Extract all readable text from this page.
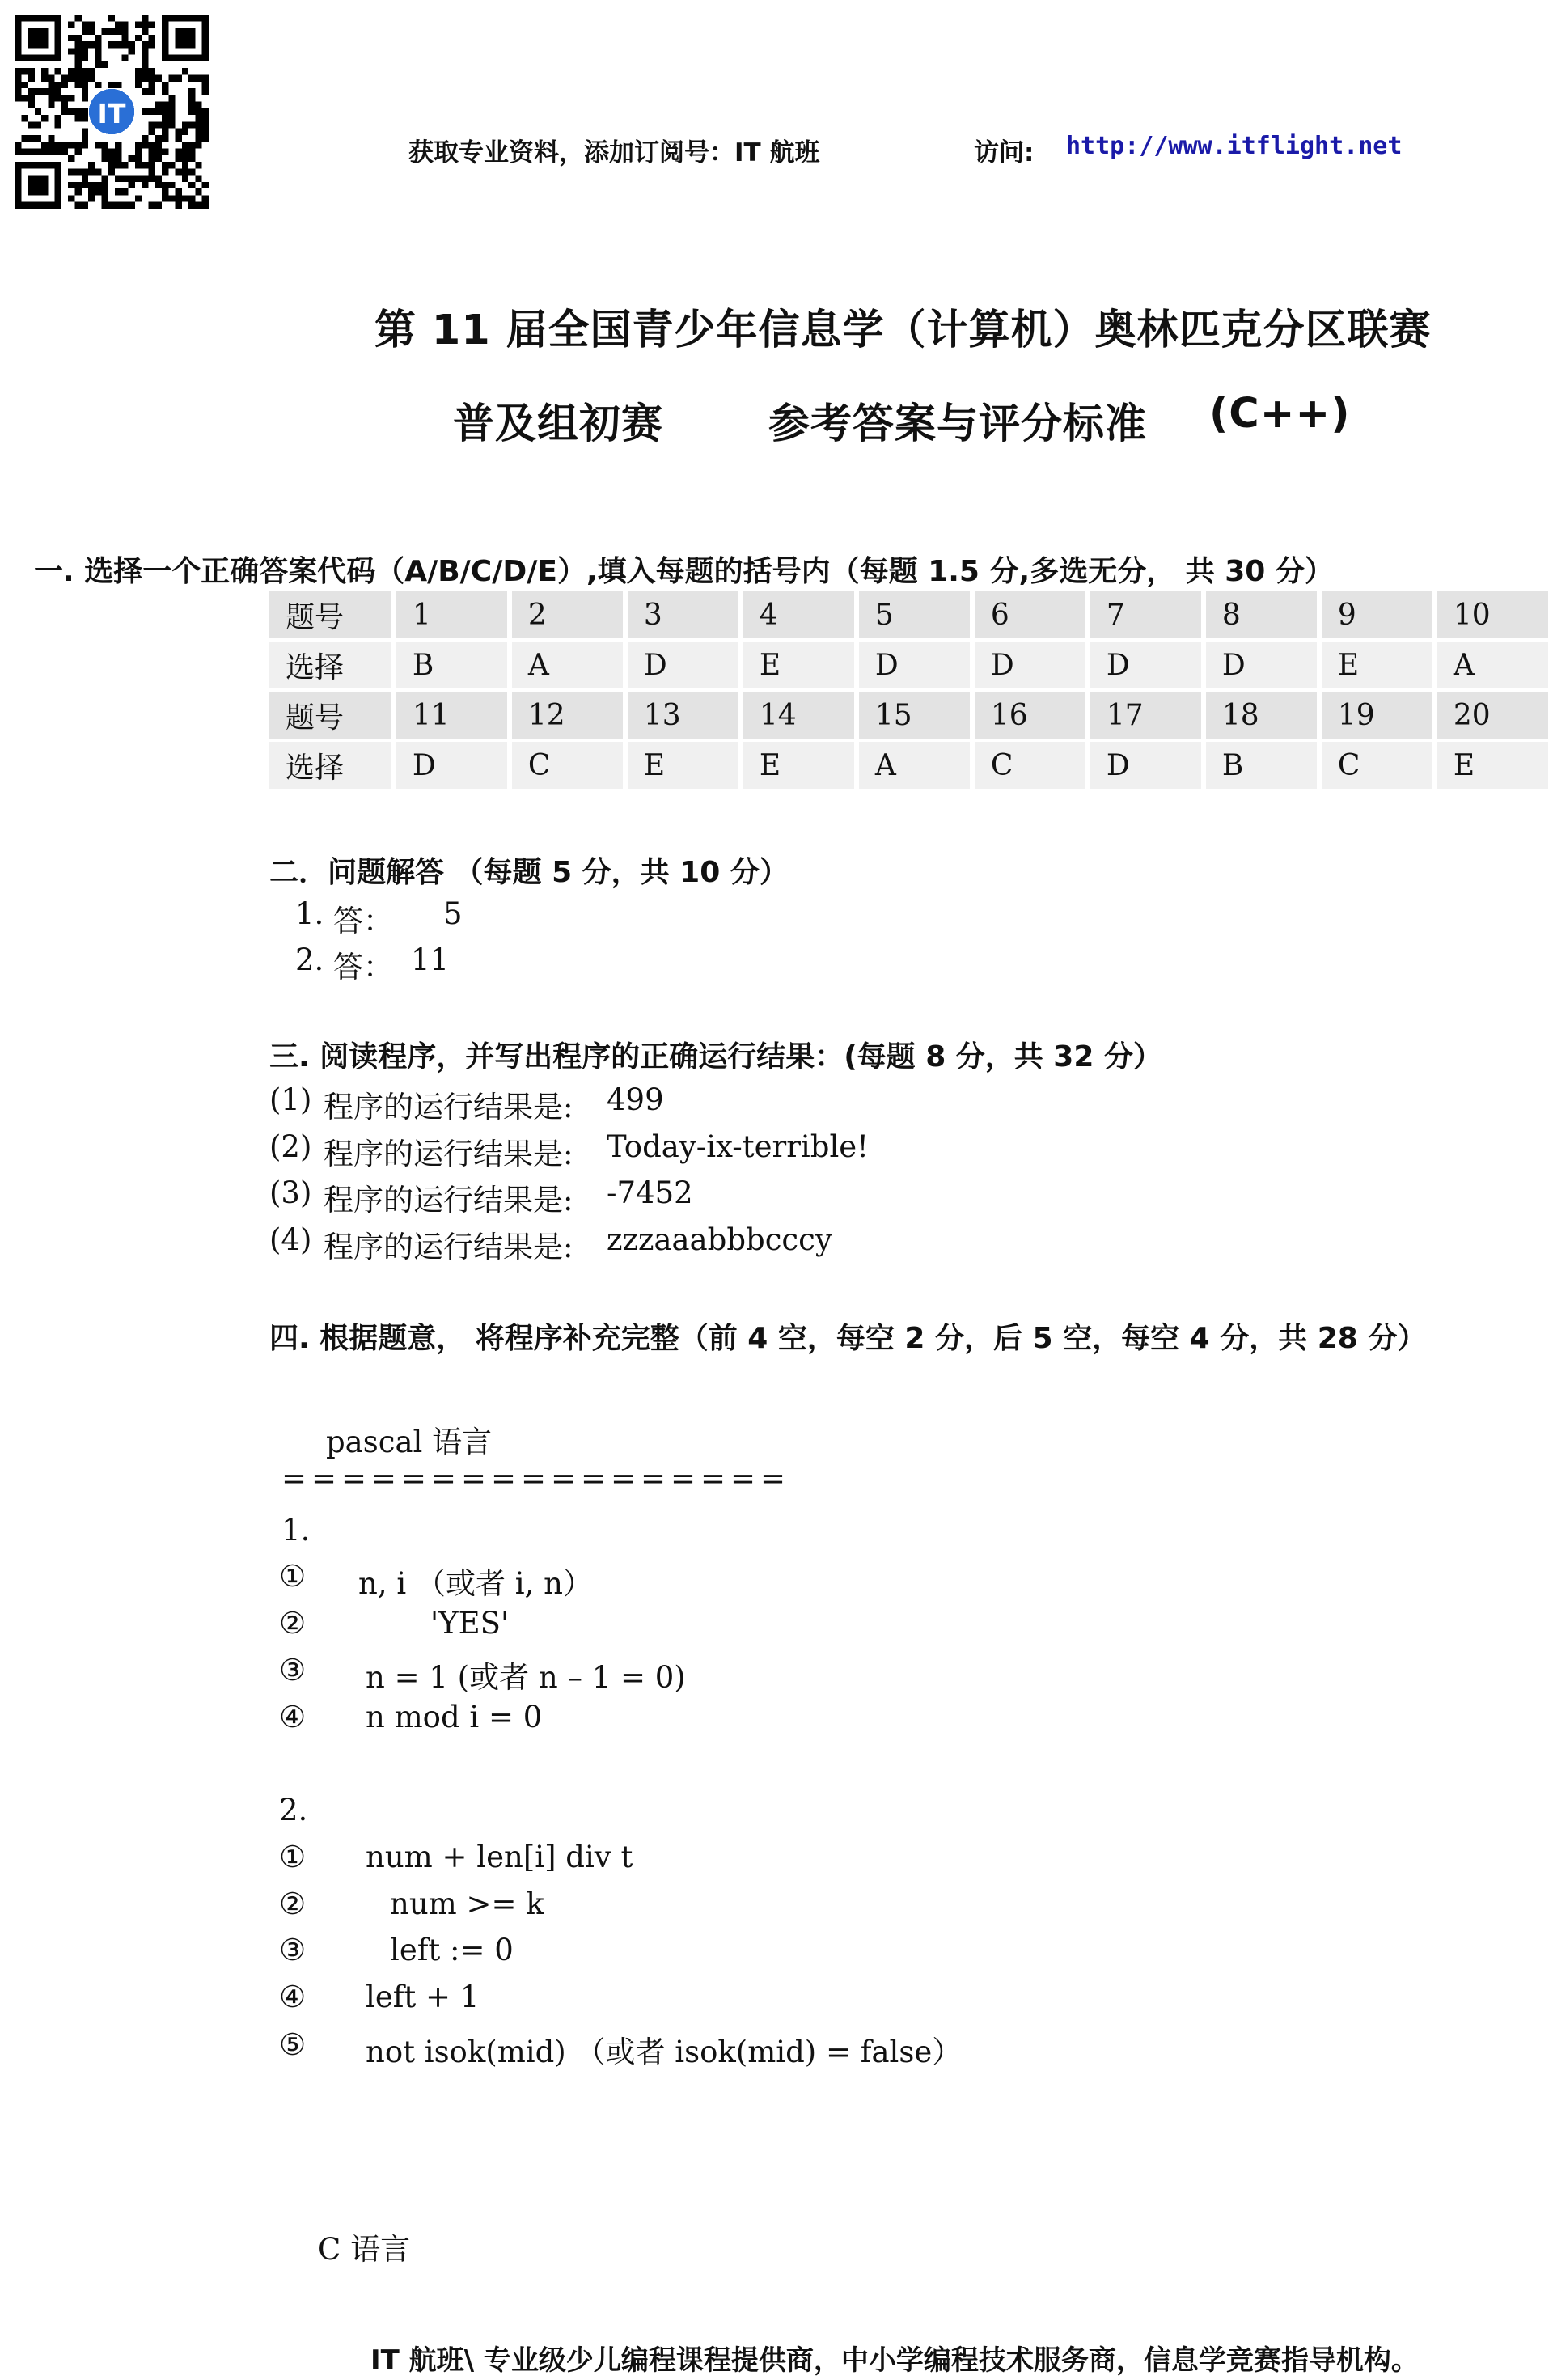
IT
获取专业资料，添加订阅号：IT 航班	访问: http://www.itflight.net
第 11 届全国青少年信息学（计算机）奥林匹克分区联赛
普及组初赛	参考答案与评分标准 (C++)
一. 选择一个正确答案代码（A/B/C/D/E）,填入每题的括号内（每题 1.5 分,多选无分， 共 30 分）
题号	1	2	3	4	5	6	7	8	9	10
选择	B	A	D	E	D	D	D	D	E	A
题号	11	12	13	14	15	16	17	18	19	20
选择	D	C	E	E	A	C	D	B	C	E
二．问题解答 （每题 5 分，共 10 分）
1. 答： 5
2. 答： 11
三. 阅读程序，并写出程序的正确运行结果：(每题 8 分，共 32 分）
(1) 程序的运行结果是: 499
(2) 程序的运行结果是: Today-ix-terrible!
(3) 程序的运行结果是: -7452
(4) 程序的运行结果是: zzzaaabbbcccy
四. 根据题意， 将程序补充完整（前 4 空，每空 2 分，后 5 空，每空 4 分，共 28 分）
pascal 语言
=================
1.
① n, i （或者 i, n）
②	'YES'
③ n = 1 (或者 n – 1 = 0)
④ n mod i = 0
2.
① num + len[i] div t
②	num >= k
③	left := 0
④ left + 1
⑤ not isok(mid) （或者 isok(mid) = false）
C 语言
IT 航班\ 专业级少儿编程课程提供商，中小学编程技术服务商，信息学竞赛指导机构。
